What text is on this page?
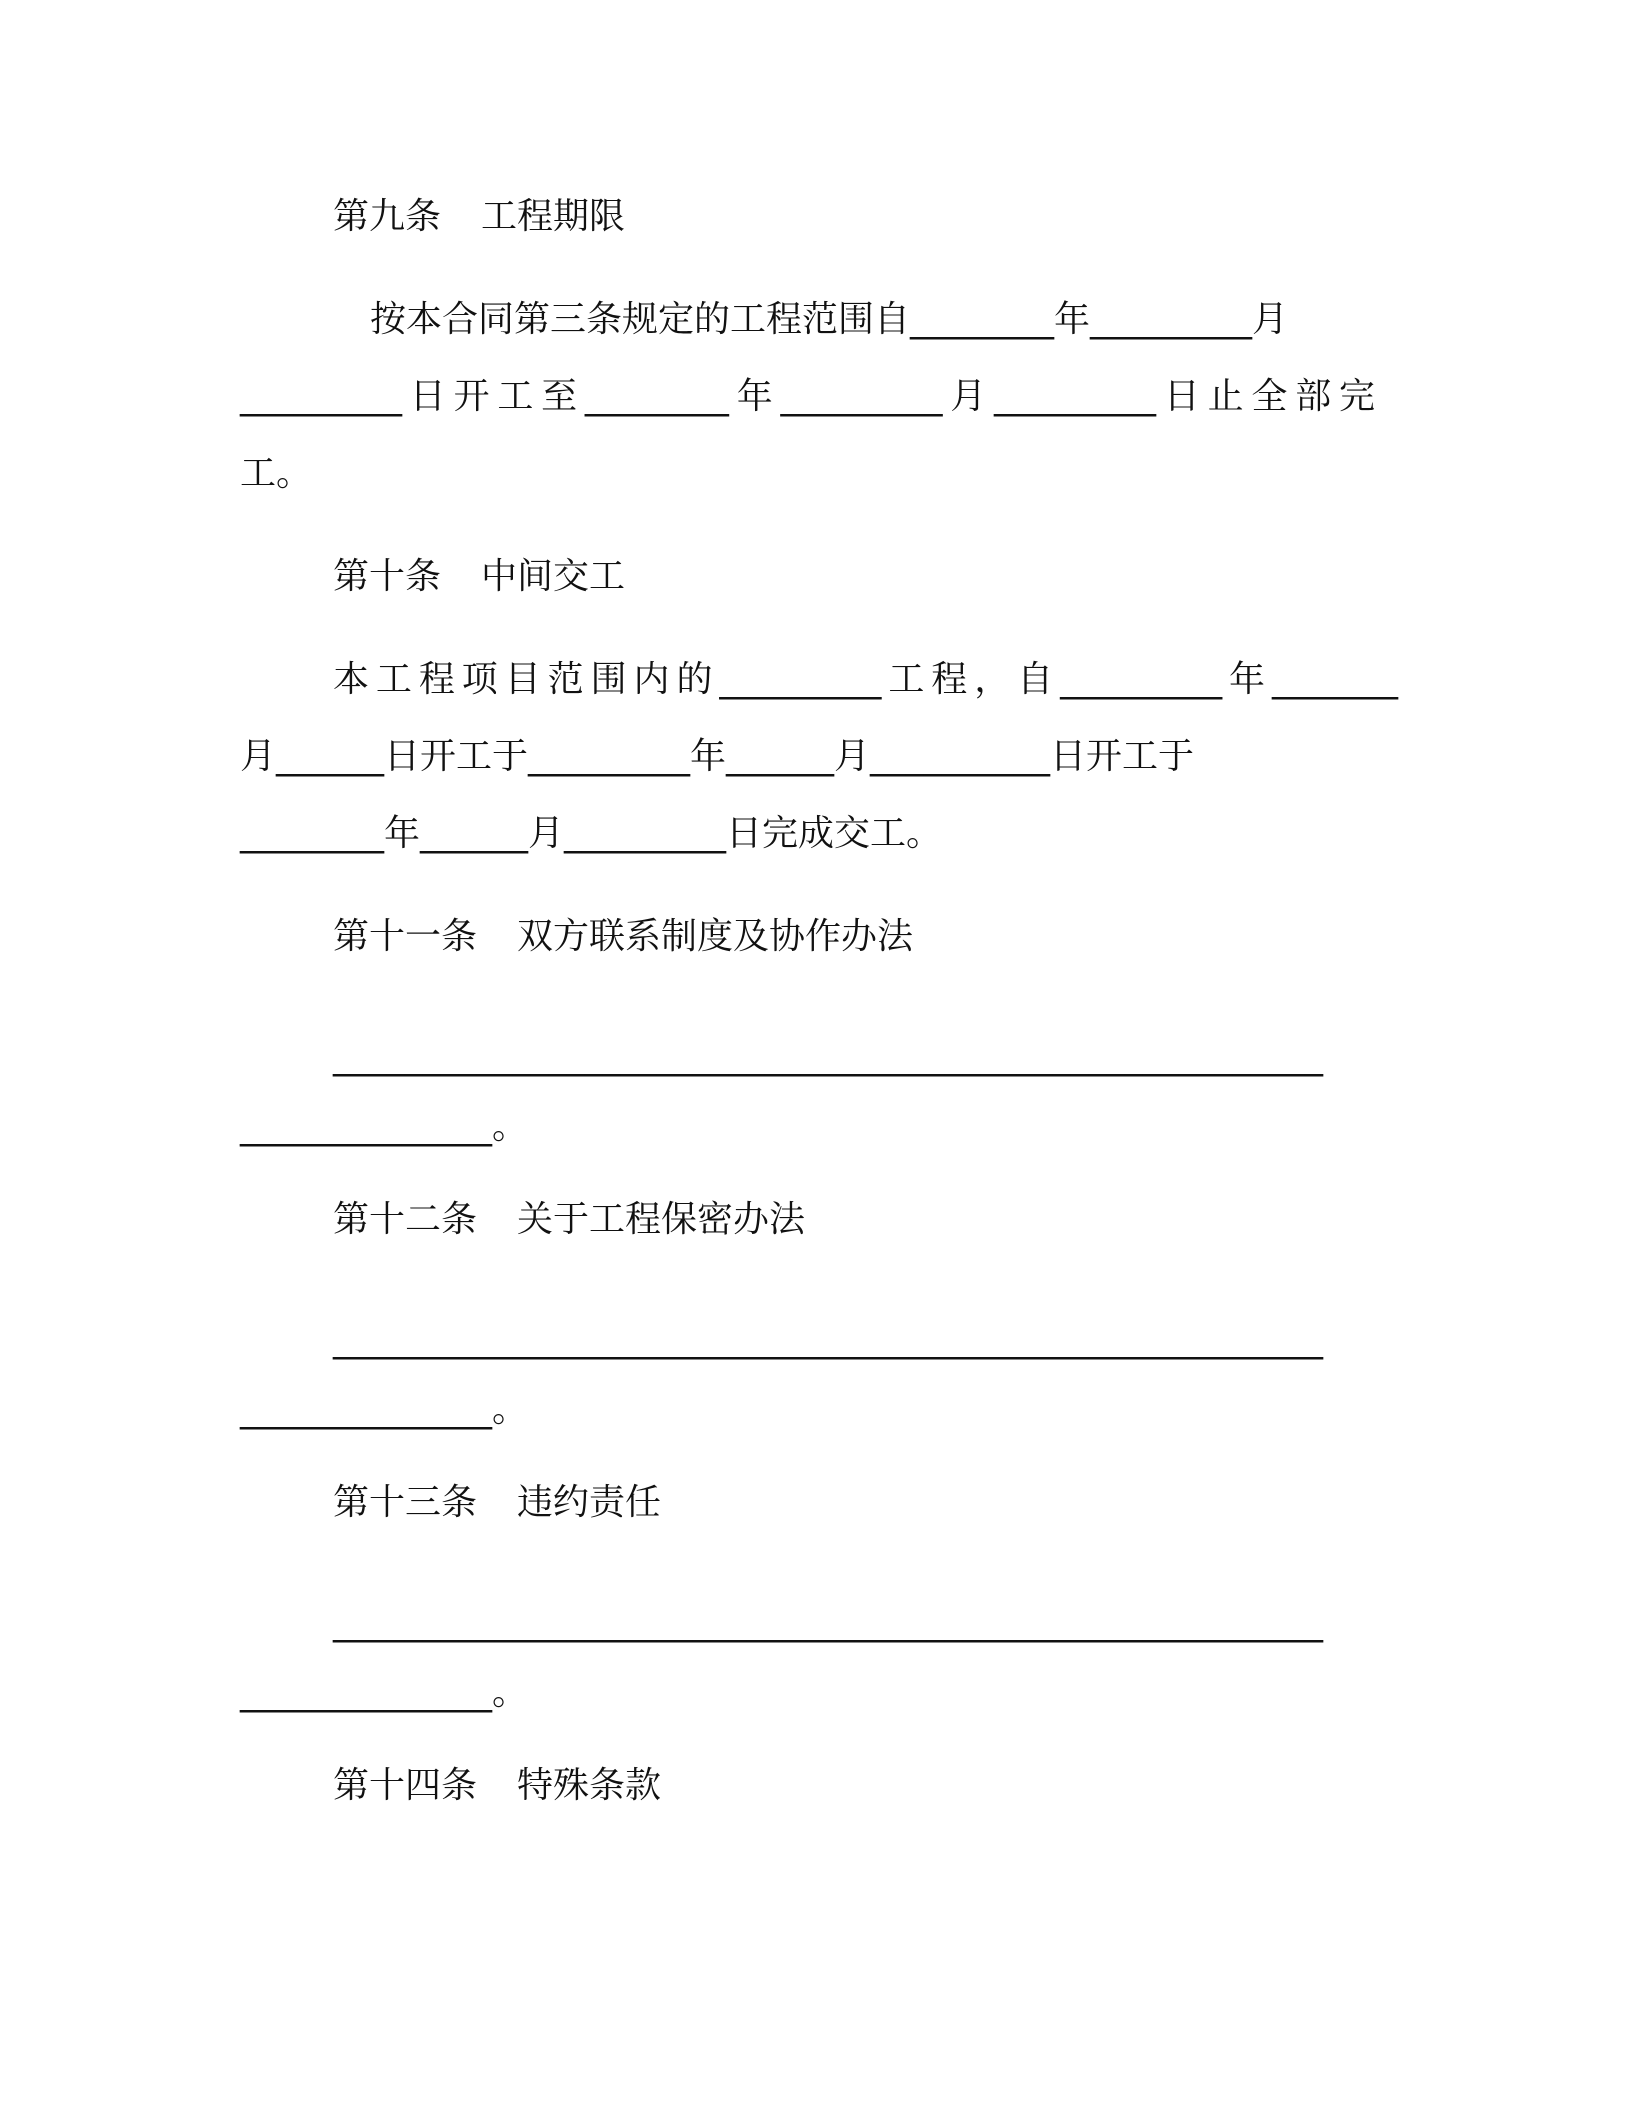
第九条 工程期限
按本合同第三条规定的工程范围自________年_________月
_________日开工至________年_________月_________日止全部完
工。
第十条 中间交工
本工程项目范围内的_________工程，自_________年_______
月______日开工于_________年______月__________日开工于
________年______月_________日完成交工。
第十一条 双方联系制度及协作办法
_______________________________________________________
______________。
第十二条 关于工程保密办法
_______________________________________________________
______________。
第十三条 违约责任
_______________________________________________________
______________。
第十四条 特殊条款
